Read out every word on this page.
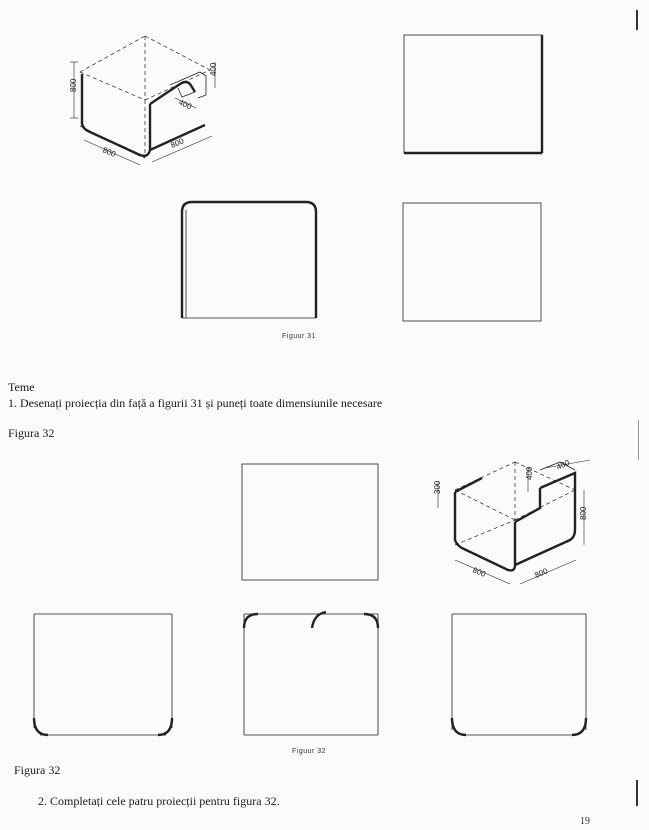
800
400
400
800
800
300
400
400
800
800	800
Figuur 31
Teme
1. Desenați proiecția din față a figurii 31 și puneți toate dimensiunile necesare
Figura 32
Figuur 32
Figura 32
2. Completați cele patru proiecții pentru figura 32.
19
